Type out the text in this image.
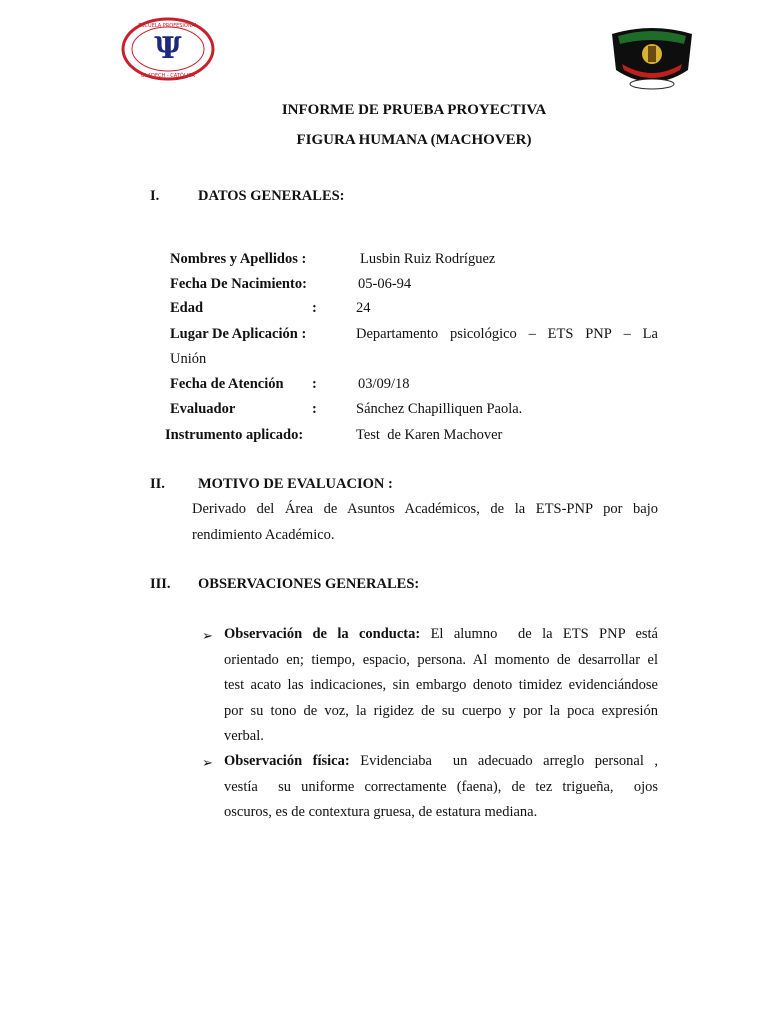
Ψ
ESCUELA PROFESIONAL
ULADECH - CATÓLICA
INFORME DE PRUEBA PROYECTIVA
FIGURA HUMANA (MACHOVER)
I.	DATOS GENERALES:
Nombres y Apellidos :	Lusbin Ruiz Rodríguez
Fecha De Nacimiento:	05-06-94
Edad	:	24
Lugar De Aplicación :	Departamento psicológico – ETS PNP – La
Unión
Fecha de Atención :	03/09/18
Evaluador	:	Sánchez Chapilliquen Paola.
Instrumento aplicado:	Test  de Karen Machover
II. MOTIVO DE EVALUACION :
Derivado del Área de Asuntos Académicos, de la ETS-PNP por bajo
rendimiento Académico.
III. OBSERVACIONES GENERALES:
➢ Observación de la conducta: El alumno  de la ETS PNP está
orientado en; tiempo, espacio, persona. Al momento de desarrollar el
test acato las indicaciones, sin embargo denoto timidez evidenciándose
por su tono de voz, la rigidez de su cuerpo y por la poca expresión
verbal.
➢ Observación física: Evidenciaba  un adecuado arreglo personal ,
vestía  su uniforme correctamente (faena), de tez trigueña,  ojos
oscuros, es de contextura gruesa, de estatura mediana.
